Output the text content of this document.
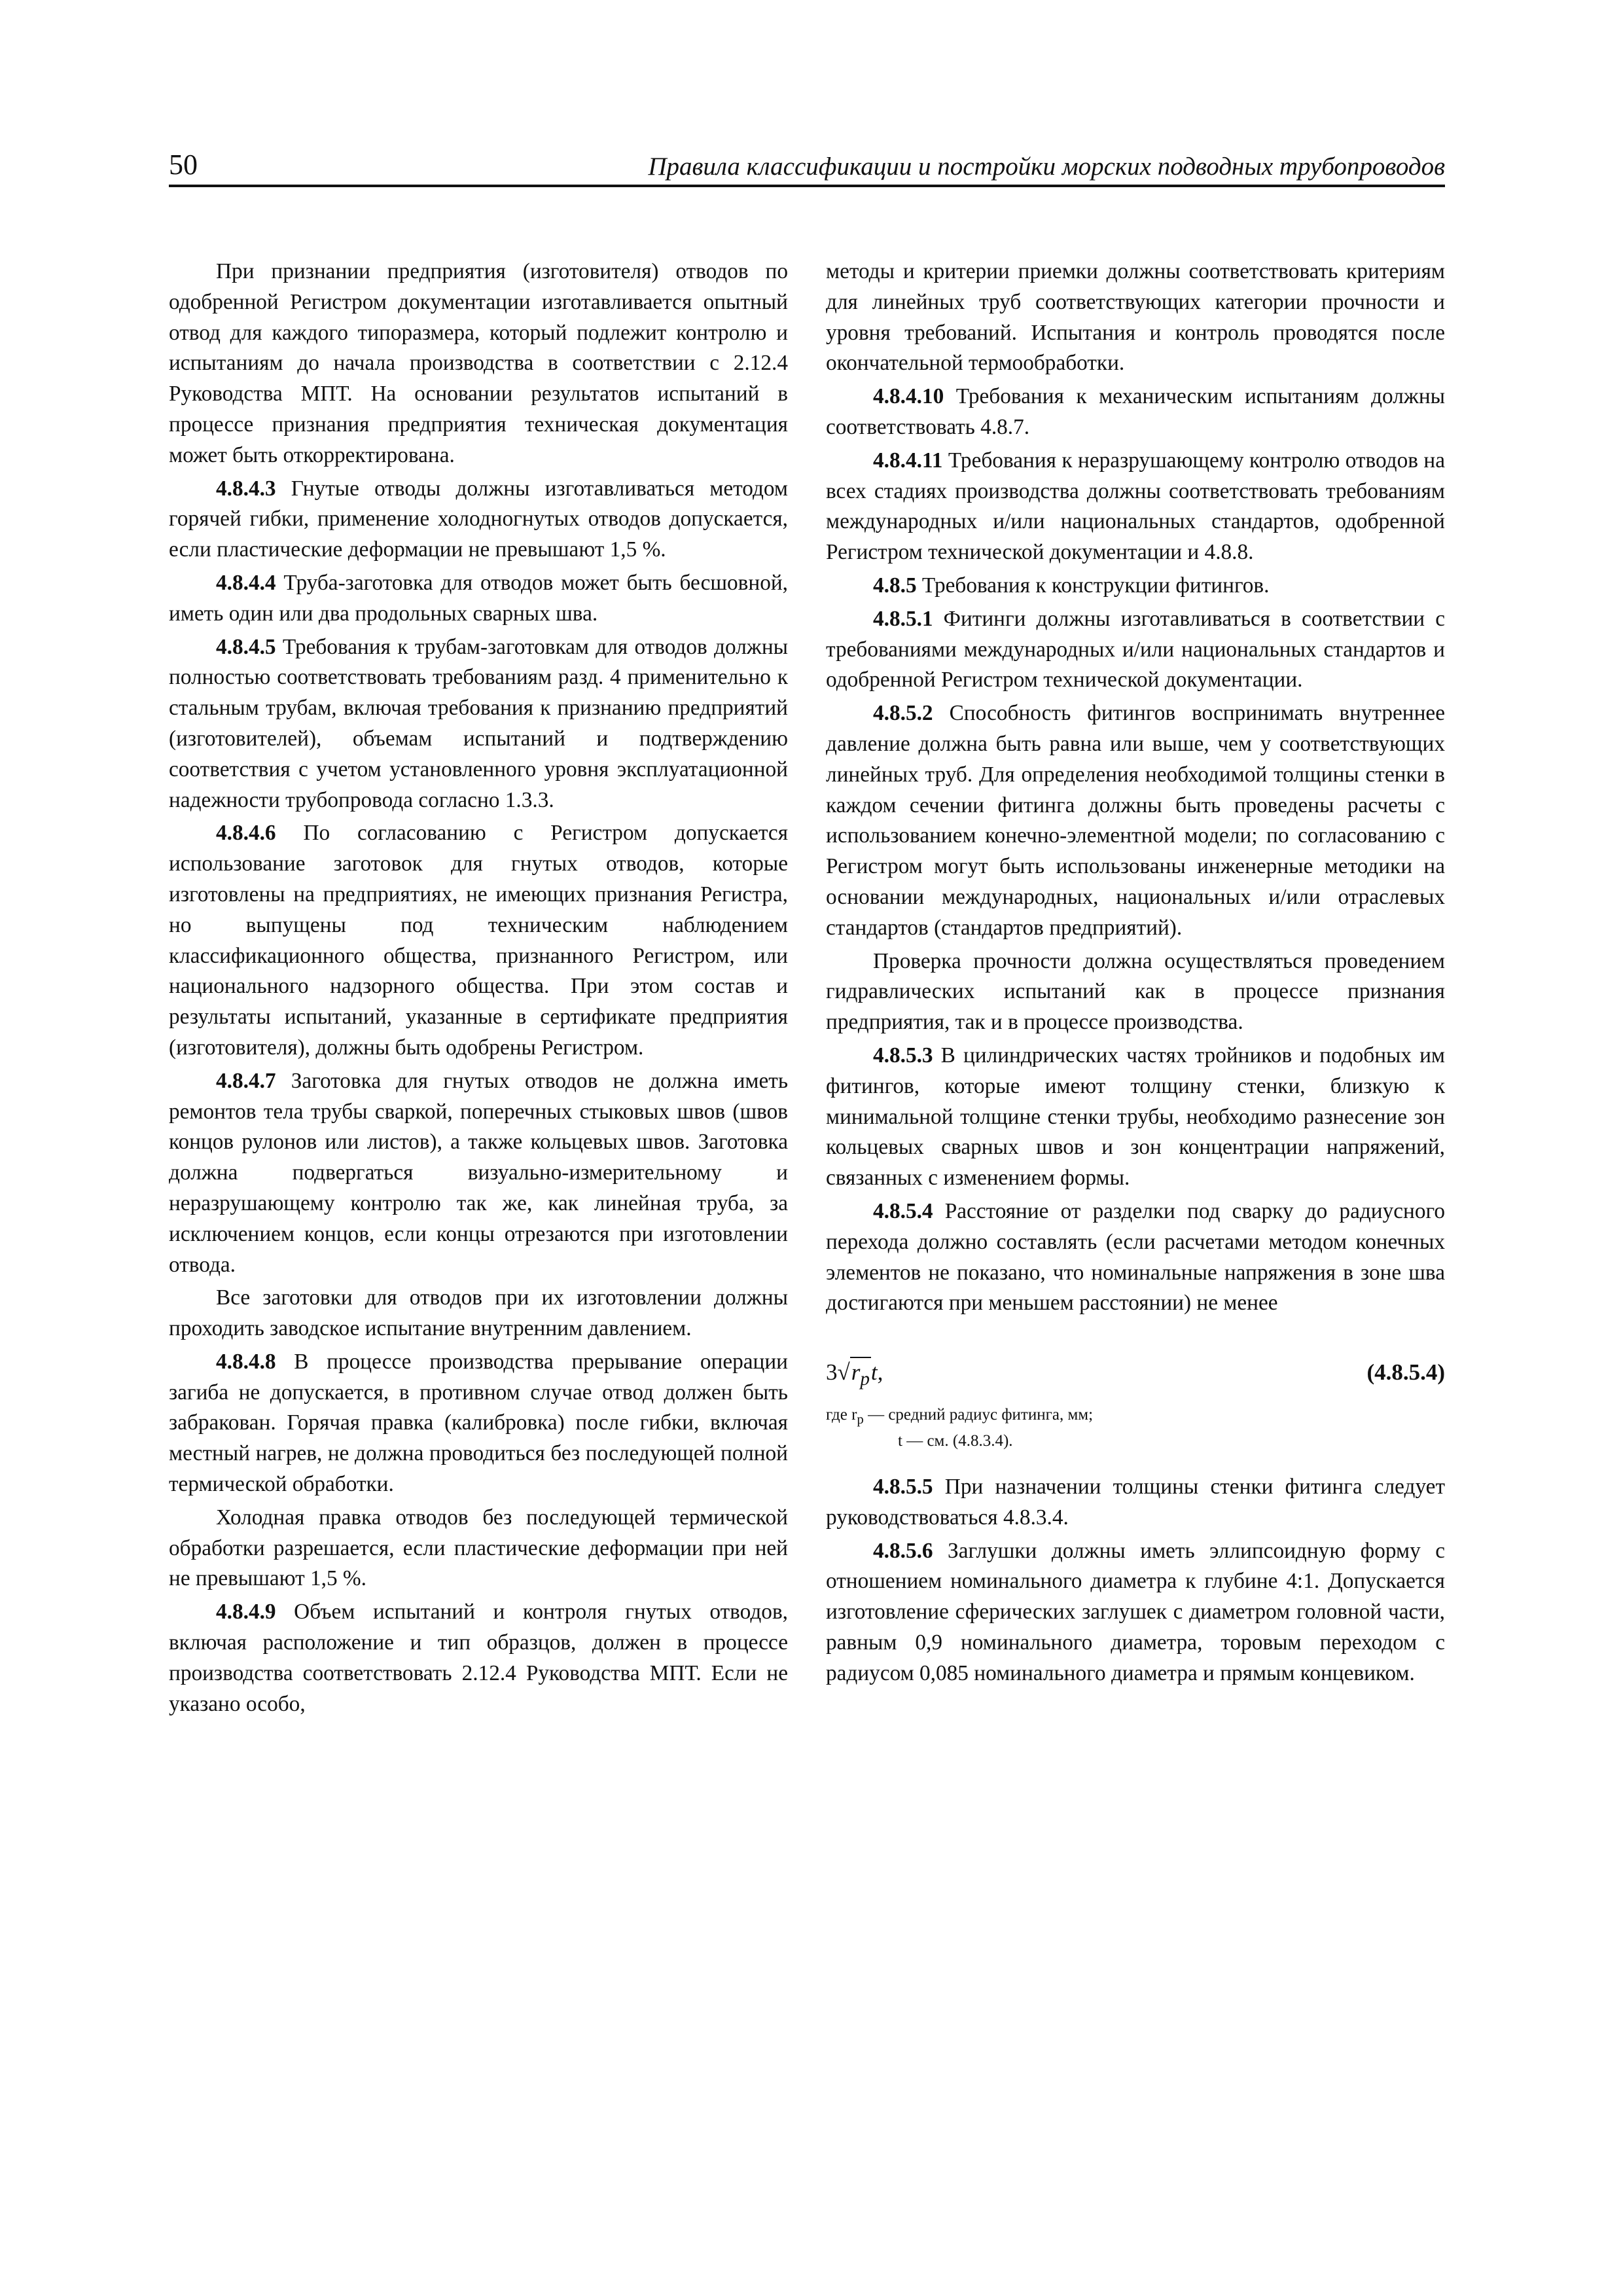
50	Правила классификации и постройки морских подводных трубопроводов

При признании предприятия (изготовителя) отводов по одобренной Регистром документации изготавливается опытный отвод для каждого типоразмера, который подлежит контролю и испытаниям до начала производства в соответствии с 2.12.4 Руководства МПТ. На основании результатов испытаний в процессе признания предприятия техническая документация может быть откорректирована.

4.8.4.3 Гнутые отводы должны изготавливаться методом горячей гибки, применение холодногнутых отводов допускается, если пластические деформации не превышают 1,5 %.

4.8.4.4 Труба-заготовка для отводов может быть бесшовной, иметь один или два продольных сварных шва.

4.8.4.5 Требования к трубам-заготовкам для отводов должны полностью соответствовать требованиям разд. 4 применительно к стальным трубам, включая требования к признанию предприятий (изготовителей), объемам испытаний и подтверждению соответствия с учетом установленного уровня эксплуатационной надежности трубопровода согласно 1.3.3.

4.8.4.6 По согласованию с Регистром допускается использование заготовок для гнутых отводов, которые изготовлены на предприятиях, не имеющих признания Регистра, но выпущены под техническим наблюдением классификационного общества, признанного Регистром, или национального надзорного общества. При этом состав и результаты испытаний, указанные в сертификате предприятия (изготовителя), должны быть одобрены Регистром.

4.8.4.7 Заготовка для гнутых отводов не должна иметь ремонтов тела трубы сваркой, поперечных стыковых швов (швов концов рулонов или листов), а также кольцевых швов. Заготовка должна подвергаться визуально-измерительному и неразрушающему контролю так же, как линейная труба, за исключением концов, если концы отрезаются при изготовлении отвода.

Все заготовки для отводов при их изготовлении должны проходить заводское испытание внутренним давлением.

4.8.4.8 В процессе производства прерывание операции загиба не допускается, в противном случае отвод должен быть забракован. Горячая правка (калибровка) после гибки, включая местный нагрев, не должна проводиться без последующей полной термической обработки.

Холодная правка отводов без последующей термической обработки разрешается, если пластические деформации при ней не превышают 1,5 %.

4.8.4.9 Объем испытаний и контроля гнутых отводов, включая расположение и тип образцов, должен в процессе производства соответствовать 2.12.4 Руководства МПТ. Если не указано особо,

методы и критерии приемки должны соответствовать критериям для линейных труб соответствующих категории прочности и уровня требований. Испытания и контроль проводятся после окончательной термообработки.

4.8.4.10 Требования к механическим испытаниям должны соответствовать 4.8.7.

4.8.4.11 Требования к неразрушающему контролю отводов на всех стадиях производства должны соответствовать требованиям международных и/или национальных стандартов, одобренной Регистром технической документации и 4.8.8.

4.8.5 Требования к конструкции фитингов.

4.8.5.1 Фитинги должны изготавливаться в соответствии с требованиями международных и/или национальных стандартов и одобренной Регистром технической документации.

4.8.5.2 Способность фитингов воспринимать внутреннее давление должна быть равна или выше, чем у соответствующих линейных труб. Для определения необходимой толщины стенки в каждом сечении фитинга должны быть проведены расчеты с использованием конечно-элементной модели; по согласованию с Регистром могут быть использованы инженерные методики на основании международных, национальных и/или отраслевых стандартов (стандартов предприятий).

Проверка прочности должна осуществляться проведением гидравлических испытаний как в процессе признания предприятия, так и в процессе производства.

4.8.5.3 В цилиндрических частях тройников и подобных им фитингов, которые имеют толщину стенки, близкую к минимальной толщине стенки трубы, необходимо разнесение зон кольцевых сварных швов и зон концентрации напряжений, связанных с изменением формы.

4.8.5.4 Расстояние от разделки под сварку до радиусного перехода должно составлять (если расчетами методом конечных элементов не показано, что номинальные напряжения в зоне шва достигаются при меньшем расстоянии) не менее

$3√r_pt$,	(4.8.5.4)
где $r_p$ — средний радиус фитинга, мм;
t — см. (4.8.3.4).

4.8.5.5 При назначении толщины стенки фитинга следует руководствоваться 4.8.3.4.

4.8.5.6 Заглушки должны иметь эллипсоидную форму с отношением номинального диаметра к глубине 4:1. Допускается изготовление сферических заглушек с диаметром головной части, равным 0,9 номинального диаметра, торовым переходом с радиусом 0,085 номинального диаметра и прямым концевиком.
